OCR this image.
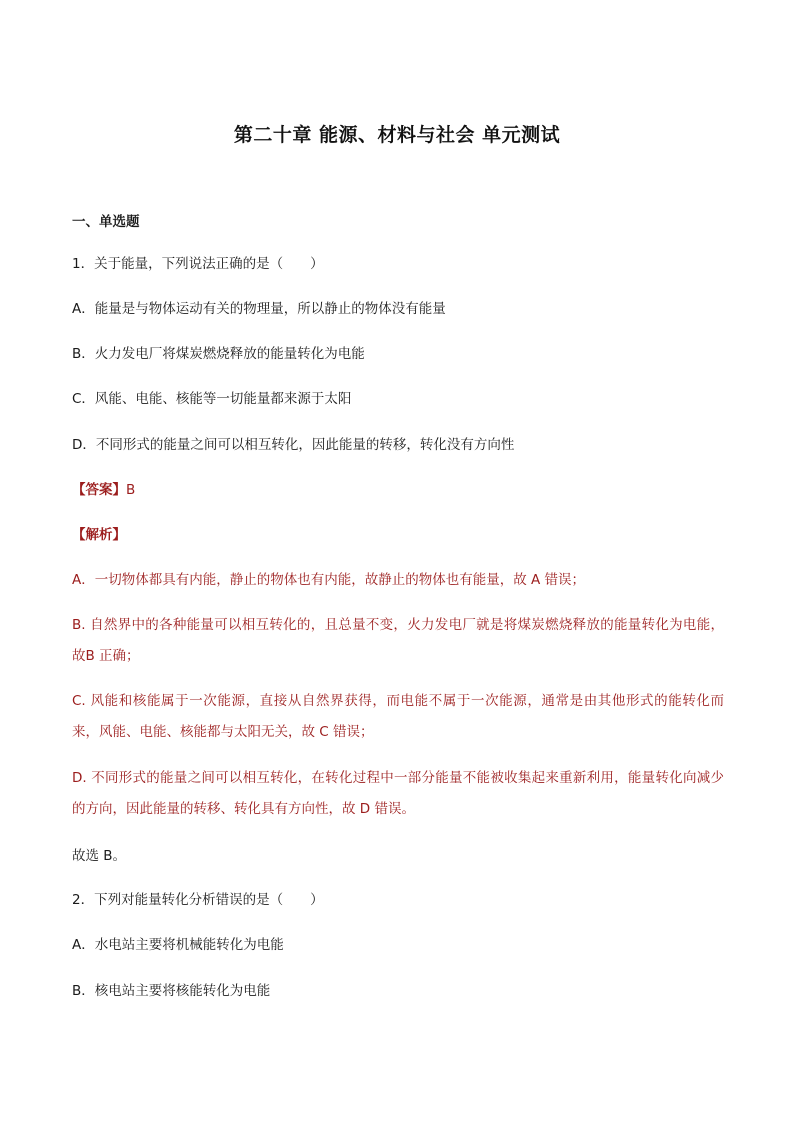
第二十章 能源、材料与社会 单元测试
一、单选题
1．关于能量，下列说法正确的是（　　）
A．能量是与物体运动有关的物理量，所以静止的物体没有能量
B．火力发电厂将煤炭燃烧释放的能量转化为电能
C．风能、电能、核能等一切能量都来源于太阳
D．不同形式的能量之间可以相互转化，因此能量的转移，转化没有方向性
【答案】B
【解析】
A．一切物体都具有内能，静止的物体也有内能，故静止的物体也有能量，故 A 错误；
B. 自然界中的各种能量可以相互转化的，且总量不变，火力发电厂就是将煤炭燃烧释放的能量转化为电能，故B 正确；
C. 风能和核能属于一次能源，直接从自然界获得，而电能不属于一次能源，通常是由其他形式的能转化而来，风能、电能、核能都与太阳无关，故 C 错误；
D. 不同形式的能量之间可以相互转化，在转化过程中一部分能量不能被收集起来重新利用，能量转化向减少的方向，因此能量的转移、转化具有方向性，故 D 错误。
故选 B。
2．下列对能量转化分析错误的是（　　）
A．水电站主要将机械能转化为电能
B．核电站主要将核能转化为电能
